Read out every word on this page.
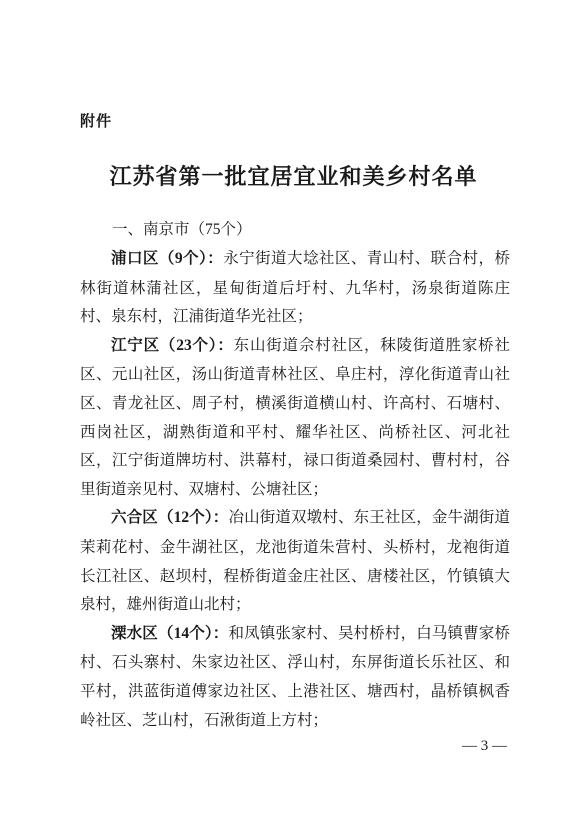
附件
江苏省第一批宜居宜业和美乡村名单
一、南京市（75个）

浦口区（9个）：永宁街道大埝社区、青山村、联合村，桥林街道林蒲社区，星甸街道后圩村、九华村，汤泉街道陈庄村、泉东村，江浦街道华光社区；

江宁区（23个）：东山街道佘村社区，秣陵街道胜家桥社区、元山社区，汤山街道青林社区、阜庄村，淳化街道青山社区、青龙社区、周子村，横溪街道横山村、许高村、石塘村、西岗社区，湖熟街道和平村、耀华社区、尚桥社区、河北社区，江宁街道牌坊村、洪幕村，禄口街道桑园村、曹村村，谷里街道亲见村、双塘村、公塘社区；

六合区（12个）：冶山街道双墩村、东王社区，金牛湖街道茉莉花村、金牛湖社区，龙池街道朱营村、头桥村，龙袍街道长江社区、赵坝村，程桥街道金庄社区、唐楼社区，竹镇镇大泉村，雄州街道山北村；

溧水区（14个）：和凤镇张家村、吴村桥村，白马镇曹家桥村、石头寨村、朱家边社区、浮山村，东屏街道长乐社区、和平村，洪蓝街道傅家边社区、上港社区、塘西村，晶桥镇枫香岭社区、芝山村，石湫街道上方村；

— 3 —
